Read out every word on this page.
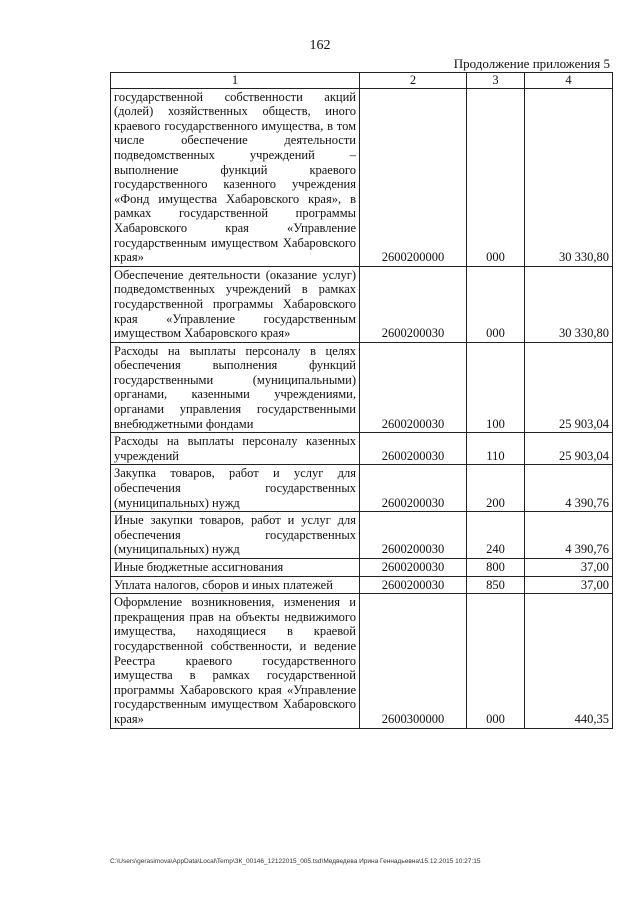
162
Продолжение приложения 5
1	2	3	4
государственной собственности акций (долей) хозяйственных обществ, иного краевого государственного имущества, в том числе обеспечение деятельности подведомственных учреждений – выполнение функций краевого государственного казенного учреждения «Фонд имущества Хабаровского края», в рамках государственной программы Хабаровского края «Управление государственным имуществом Хабаровского края»	2600200000	000	30 330,80
Обеспечение деятельности (оказание услуг) подведомственных учреждений в рамках государственной программы Хабаровского края «Управление государственным имуществом Хабаровского края»	2600200030	000	30 330,80
Расходы на выплаты персоналу в целях обеспечения выполнения функций государственными (муниципальными) органами, казенными учреждениями, органами управления государственными внебюджетными фондами	2600200030	100	25 903,04
Расходы на выплаты персоналу казенных учреждений	2600200030	110	25 903,04
Закупка товаров, работ и услуг для обеспечения государственных (муниципальных) нужд	2600200030	200	4 390,76
Иные закупки товаров, работ и услуг для обеспечения государственных (муниципальных) нужд	2600200030	240	4 390,76
Иные бюджетные ассигнования	2600200030	800	37,00
Уплата налогов, сборов и иных платежей	2600200030	850	37,00
Оформление возникновения, изменения и прекращения прав на объекты недвижимого имущества, находящиеся в краевой государственной собственности, и ведение Реестра краевого государственного имущества в рамках государственной программы Хабаровского края «Управление государственным имуществом Хабаровского края»	2600300000	000	440,35
C:\Users\gerasimova\AppData\Local\Temp\ЗК_00146_12122015_005.tsd\Медведева Ирина Геннадьевна\15.12.2015 10:27:15
